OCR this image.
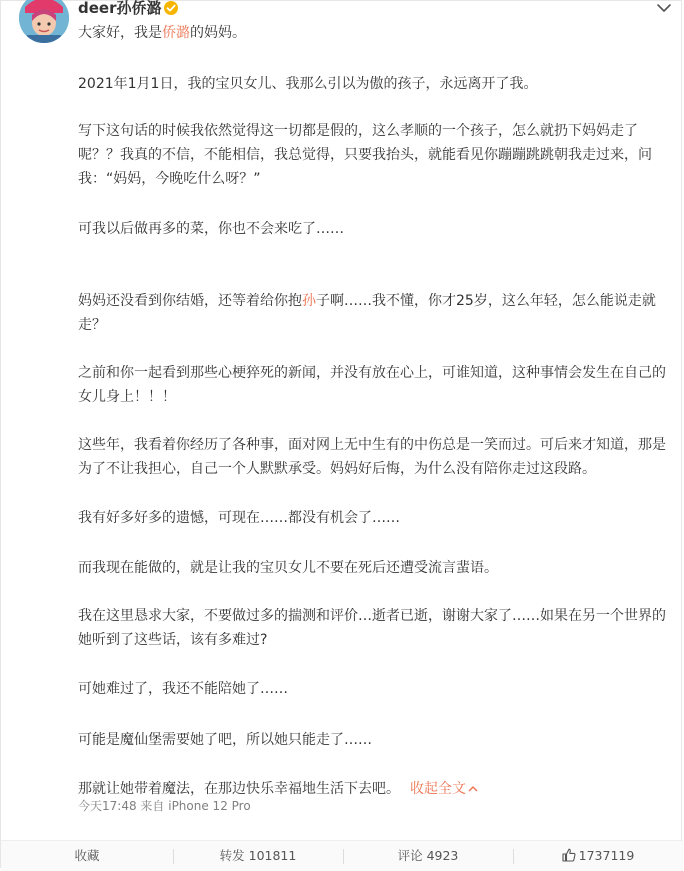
deer孙侨潞

大家好，我是侨潞的妈妈。

2021年1月1日，我的宝贝女儿、我那么引以为傲的孩子，永远离开了我。

写下这句话的时候我依然觉得这一切都是假的，这么孝顺的一个孩子，怎么就扔下妈妈走了呢？？我真的不信，不能相信，我总觉得，只要我抬头，就能看见你蹦蹦跳跳朝我走过来，问我：“妈妈，今晚吃什么呀？”

可我以后做再多的菜，你也不会来吃了……

妈妈还没看到你结婚，还等着给你抱孙子啊……我不懂，你才25岁，这么年轻，怎么能说走就走？

之前和你一起看到那些心梗猝死的新闻，并没有放在心上，可谁知道，这种事情会发生在自己的女儿身上！！！

这些年，我看着你经历了各种事，面对网上无中生有的中伤总是一笑而过。可后来才知道，那是为了不让我担心，自己一个人默默承受。妈妈好后悔，为什么没有陪你走过这段路。

我有好多好多的遗憾，可现在……都没有机会了……

而我现在能做的，就是让我的宝贝女儿不要在死后还遭受流言蜚语。

我在这里恳求大家，不要做过多的揣测和评价…逝者已逝，谢谢大家了……如果在另一个世界的她听到了这些话，该有多难过?

可她难过了，我还不能陪她了……

可能是魔仙堡需要她了吧，所以她只能走了……

那就让她带着魔法，在那边快乐幸福地生活下去吧。 收起全文

今天17:48 来自 iPhone 12 Pro
收藏	转发 101811	评论 4923	1737119
